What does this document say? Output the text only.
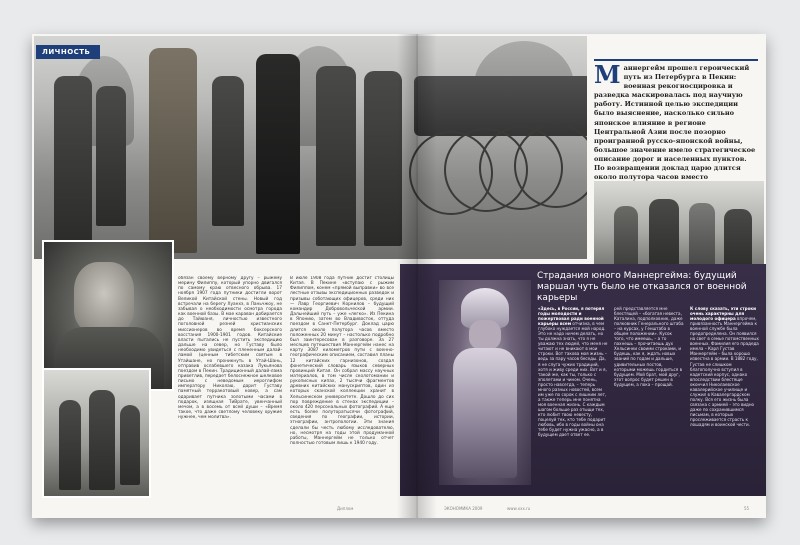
ЛИЧНОСТЬ
обязан своему верному другу – рыжему мерину Филиппу, который упорно двигался по самому краю отвесного обрыва. 17 ноября 1907 года путники достигли ворот Великой Китайской стены. Новый год встречали на берегу Хуанхэ, в Ланьчжоу, не забывая о необходимости осмотра города как военной базы. В мае караван добирается до Тайюаня, личностью известного поголовной резней христианских миссионеров во время боксерского восстания 1900-1901 годов. Китайские власти пытались не пустить экспедицию дальше на север, но Густаву было необходимо увидеться с плененным далай-ламой (ценным тибетским святым в Утайшане, но проникнуть в Утай-Шань, отправив ослабевшего казака Лукьянова поездом в Пекин. Традиционный далай-лама приветлив, передает белоснежное шелковое письмо с неведомым иероглифом императору Николаю, дарит Густаву памятный терракотовый ковер, а сам одаривает путника золотыми часами в подарок, изящная ТиВрате, увенчанный мечом, а в восемь от всей души – «Время такое, что даже светлому человеку оружие нужнее, чем молитва».
В июле 1908 года путник достиг столицы Китая. В Пекине «вступаю с рыжим Филиппом, конем «прямой выправки» во все лестные отзывы экспедиционных разведок и призывы соботающих офицеров, среди них — Лавр Георгиевич Корнилов – будущий командир Добровольческой армии. Дальнейший путь – уже «легко». Из Пекина в Японию, затем во Владивосток, оттуда поездом в Санкт-Петербург. Доклад царю длится около полутора часов вместо положенных 20 минут – настолько подробно был заинтересован в разговоре. За 27 месяцев путешествия Маннергейм нанес на карту 3087 километров пути с военно-географическим описанием, составил планы 12 китайских гарнизонов, создал фонетический словарь языков северных провинций Китая. Он собрал массу научных материалов, в том числе сколотомании и рукописных кипах, 2 тысячи фрагментов древних китайских манускриптов, один из которых сканской коллекции хранит в Хельсинкском университете. Дошло до сих пор повреждение в стенах экспедиции – около 420 персональных фотографий. А еще есть более полуторатысячи фотографий, сведения по географии, истории, этнографии, антропологии. Эти знания сделали бы честь любому исследователю, но, несмотря на годы этой продуманной работы, Маннергейм не только отчет полностью готовым лишь к 1940 году.
Маннергейм прошел героический путь из Петербурга в Пекин: военная рекогносцировка и разведка маскировалась под научную работу. Истинной целью экспедиции было выяснение, насколько сильно японское влияние в регионе Центральной Азии после позорно проигранной русско-японской войны, большое значение имело стратегическое описание дорог и населенных пунктов. По возвращении доклад царю длится около полутора часов вместо
Страдания юного Маннергейма: будущий маршал чуть было не отказался от военной карьеры
«Здесь, в России, я потерял годы молодости и пожертвовал ради военной карьеры всем отчизна, в чем глубоко нуждается мой народ. Это не надо ничем делать, но ты должна знать, что я не уважаю тех людей, что меня не читают и не вникают в мои строки. Вот такова моя жизнь – ведь за пару часов беседы. Да, я не слуга чужих традиций, хотя и живу среди них. Вот и я, такой же, как ты, только с эполетами и чином. Очень, просто навсегда, – теперь много разных новостей, всем им уже по сорок с лишним лет, а также теперь мне понятна моя военная жизнь. С каждым шагом больше раз отыщи тех, кто любит твою невесту, поцелуй тех, кто тебе подарит любовь, ибо в годы войны она тебе будет нужна ужасно, а в будущем дает ответ ее.
рей представляется мне блестящей – «богатая невеста, Каталина, подполковник, даже полковник Генерального штаба – на курсах, у Генштаба в общем положении». Кусок того, что имеешь, – а то пахнешь – прочитаешь дух Хельсинки своими строками, и будешь, как я, ждать новых званий по годам и дальше, удивительных постов, которыми можешь гордиться в будущем. Мой брат, мой друг, этот вопрос будет решен в будущем, а пока – прощай.
К слову сказать, эти строки очень характерны для молодого офицера впрочем, привязанность Маннергейма к военной службе была предопределена. Он появился на свет в семье потомственных военных. Фамилия его прадеда имела – Карл Густав Маннергейм – была хорошо известна в армии. В 1882 году, Густав не слишком благополучно вступил в кадетский корпус, однако впоследствии блестяще окончил Николаевское кавалерийское училище и служил в Кавалергардском полку. Вся его жизнь была связана с армией – это видно даже по сохранившимся письмам, в которых прослеживается страсть к лошадям и воинской чести.
Диплом	ЭКОНОМИКА 2009	www.ххх.ru	55
